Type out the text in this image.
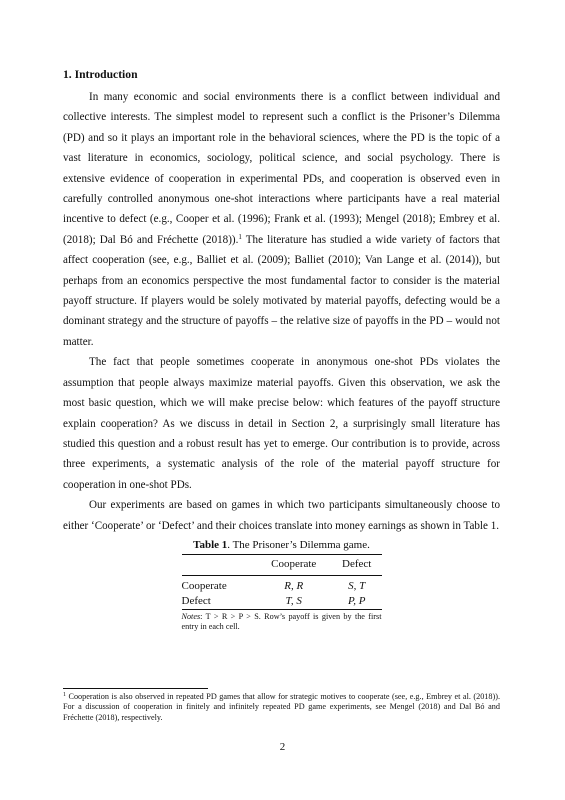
1. Introduction

In many economic and social environments there is a conflict between individual and collective interests. The simplest model to represent such a conflict is the Prisoner’s Dilemma (PD) and so it plays an important role in the behavioral sciences, where the PD is the topic of a vast literature in economics, sociology, political science, and social psychology. There is extensive evidence of cooperation in experimental PDs, and cooperation is observed even in carefully controlled anonymous one-shot interactions where participants have a real material incentive to defect (e.g., Cooper et al. (1996); Frank et al. (1993); Mengel (2018); Embrey et al. (2018); Dal Bó and Fréchette (2018)).$^1$ The literature has studied a wide variety of factors that affect cooperation (see, e.g., Balliet et al. (2009); Balliet (2010); Van Lange et al. (2014)), but perhaps from an economics perspective the most fundamental factor to consider is the material payoff structure. If players would be solely motivated by material payoffs, defecting would be a dominant strategy and the structure of payoffs – the relative size of payoffs in the PD – would not matter.

The fact that people sometimes cooperate in anonymous one-shot PDs violates the assumption that people always maximize material payoffs. Given this observation, we ask the most basic question, which we will make precise below: which features of the payoff structure explain cooperation? As we discuss in detail in Section 2, a surprisingly small literature has studied this question and a robust result has yet to emerge. Our contribution is to provide, across three experiments, a systematic analysis of the role of the material payoff structure for cooperation in one-shot PDs.

Our experiments are based on games in which two participants simultaneously choose to either ‘Cooperate’ or ‘Defect’ and their choices translate into money earnings as shown in Table 1.

Table 1. The Prisoner’s Dilemma game.
	Cooperate	Defect
Cooperate	R, R	S, T
Defect	T, S	P, P
Notes: T > R > P > S. Row’s payoff is given by the first entry in each cell.
$^1$ Cooperation is also observed in repeated PD games that allow for strategic motives to cooperate (see, e.g., Embrey et al. (2018)). For a discussion of cooperation in finitely and infinitely repeated PD game experiments, see Mengel (2018) and Dal Bó and Fréchette (2018), respectively.
2
